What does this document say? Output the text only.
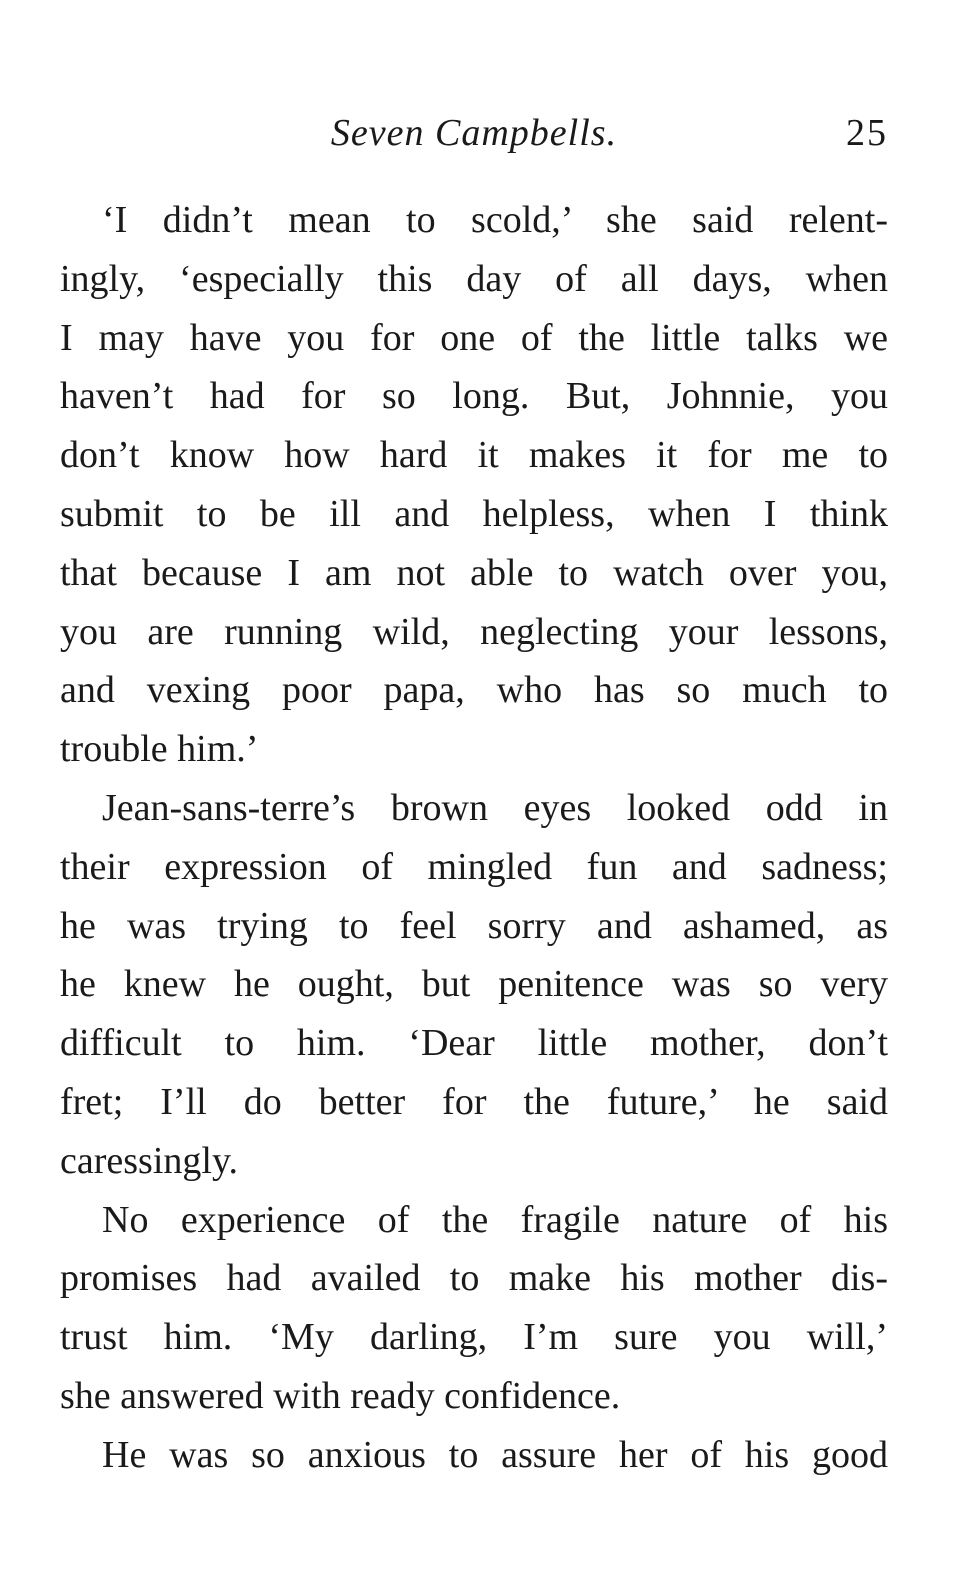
Seven Campbells.	25
‘I didn’t mean to scold,’ she said relent-
ingly, ‘especially this day of all days, when
I may have you for one of the little talks we
haven’t had for so long. But, Johnnie, you
don’t know how hard it makes it for me to
submit to be ill and helpless, when I think
that because I am not able to watch over you,
you are running wild, neglecting your lessons,
and vexing poor papa, who has so much to
trouble him.’
Jean-sans-terre’s brown eyes looked odd in
their expression of mingled fun and sadness;
he was trying to feel sorry and ashamed, as
he knew he ought, but penitence was so very
difficult to him. ‘Dear little mother, don’t
fret; I’ll do better for the future,’ he said
caressingly.
No experience of the fragile nature of his
promises had availed to make his mother dis-
trust him. ‘My darling, I’m sure you will,’
she answered with ready confidence.
He was so anxious to assure her of his good
